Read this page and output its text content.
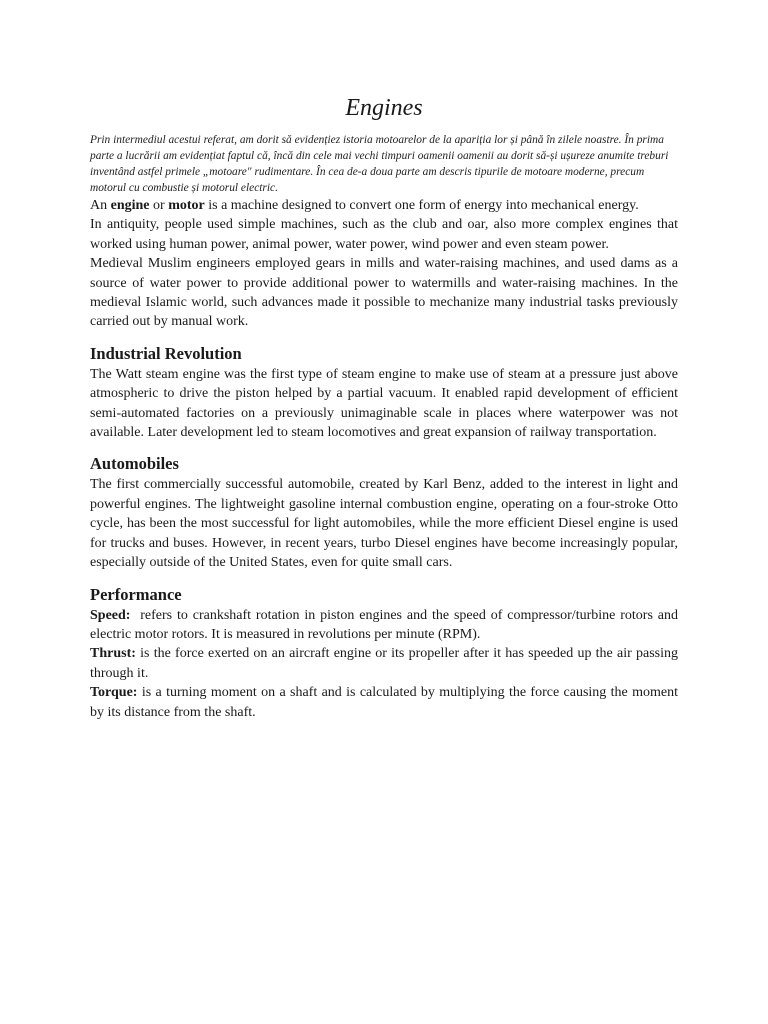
Engines

Prin intermediul acestui referat, am dorit să evidențiez istoria motoarelor de la apariția lor și până în zilele noastre. În prima parte a lucrării am evidențiat faptul că, încă din cele mai vechi timpuri oamenii oamenii au dorit să-și ușureze anumite treburi inventând astfel primele „motoare" rudimentare. În cea de-a doua parte am descris tipurile de motoare moderne, precum motorul cu combustie și motorul electric.

An engine or motor is a machine designed to convert one form of energy into mechanical energy.

In antiquity, people used simple machines, such as the club and oar, also more complex engines that worked using human power, animal power, water power, wind power and even steam power.

Medieval Muslim engineers employed gears in mills and water-raising machines, and used dams as a source of water power to provide additional power to watermills and water-raising machines. In the medieval Islamic world, such advances made it possible to mechanize many industrial tasks previously carried out by manual work.

Industrial Revolution

The Watt steam engine was the first type of steam engine to make use of steam at a pressure just above atmospheric to drive the piston helped by a partial vacuum. It enabled rapid development of efficient semi-automated factories on a previously unimaginable scale in places where waterpower was not available. Later development led to steam locomotives and great expansion of railway transportation.

Automobiles

The first commercially successful automobile, created by Karl Benz, added to the interest in light and powerful engines. The lightweight gasoline internal combustion engine, operating on a four-stroke Otto cycle, has been the most successful for light automobiles, while the more efficient Diesel engine is used for trucks and buses. However, in recent years, turbo Diesel engines have become increasingly popular, especially outside of the United States, even for quite small cars.

Performance

Speed:  refers to crankshaft rotation in piston engines and the speed of compressor/turbine rotors and electric motor rotors. It is measured in revolutions per minute (RPM).

Thrust: is the force exerted on an aircraft engine or its propeller after it has speeded up the air passing through it.

Torque: is a turning moment on a shaft and is calculated by multiplying the force causing the moment by its distance from the shaft.
